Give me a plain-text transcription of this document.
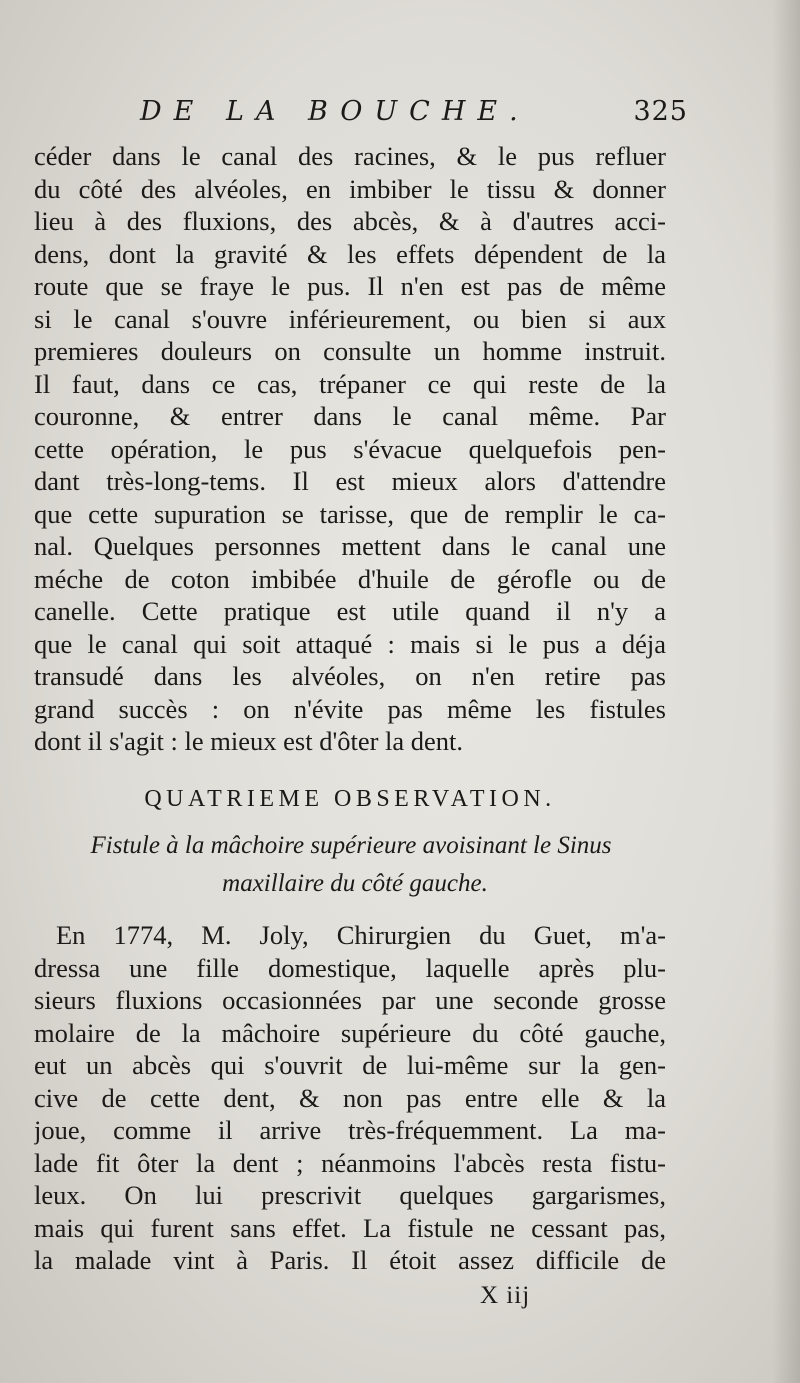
DE LA BOUCHE.	325
céder dans le canal des racines, & le pus refluer
du côté des alvéoles, en imbiber le tissu & donner
lieu à des fluxions, des abcès, & à d'autres acci-
dens, dont la gravité & les effets dépendent de la
route que se fraye le pus. Il n'en est pas de même
si le canal s'ouvre inférieurement, ou bien si aux
premieres douleurs on consulte un homme instruit.
Il faut, dans ce cas, trépaner ce qui reste de la
couronne, & entrer dans le canal même. Par
cette opération, le pus s'évacue quelquefois pen-
dant très-long-tems. Il est mieux alors d'attendre
que cette supuration se tarisse, que de remplir le ca-
nal. Quelques personnes mettent dans le canal une
méche de coton imbibée d'huile de gérofle ou de
canelle. Cette pratique est utile quand il n'y a
que le canal qui soit attaqué : mais si le pus a déja
transudé dans les alvéoles, on n'en retire pas
grand succès : on n'évite pas même les fistules
dont il s'agit : le mieux est d'ôter la dent.
QUATRIEME OBSERVATION.
Fistule à la mâchoire supérieure avoisinant le Sinus
maxillaire du côté gauche.
En 1774, M. Joly, Chirurgien du Guet, m'a-
dressa une fille domestique, laquelle après plu-
sieurs fluxions occasionnées par une seconde grosse
molaire de la mâchoire supérieure du côté gauche,
eut un abcès qui s'ouvrit de lui-même sur la gen-
cive de cette dent, & non pas entre elle & la
joue, comme il arrive très-fréquemment. La ma-
lade fit ôter la dent ; néanmoins l'abcès resta fistu-
leux. On lui prescrivit quelques gargarismes,
mais qui furent sans effet. La fistule ne cessant pas,
la malade vint à Paris. Il étoit assez difficile de
X iij
